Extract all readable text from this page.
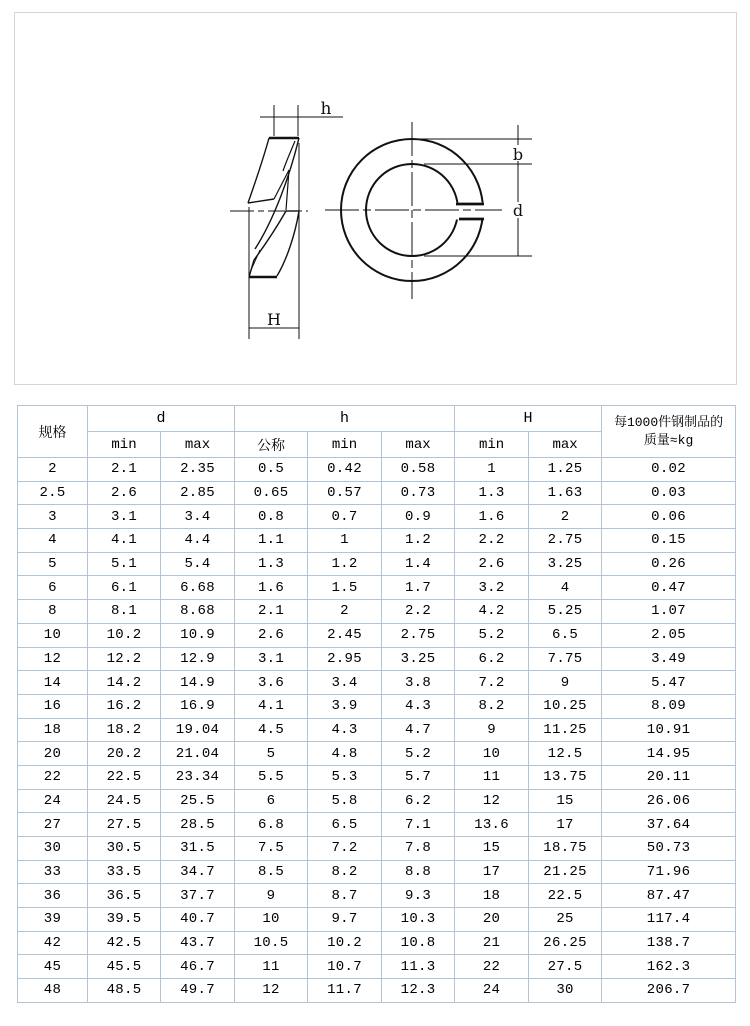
h
H
b
d
规格	d		h			H		每1000件钢制品的
质量≈kg
	min	max	公称	min	max	min	max	
2	2.1	2.35	0.5	0.42	0.58	1	1.25	0.02
2.5	2.6	2.85	0.65	0.57	0.73	1.3	1.63	0.03
3	3.1	3.4	0.8	0.7	0.9	1.6	2	0.06
4	4.1	4.4	1.1	1	1.2	2.2	2.75	0.15
5	5.1	5.4	1.3	1.2	1.4	2.6	3.25	0.26
6	6.1	6.68	1.6	1.5	1.7	3.2	4	0.47
8	8.1	8.68	2.1	2	2.2	4.2	5.25	1.07
10	10.2	10.9	2.6	2.45	2.75	5.2	6.5	2.05
12	12.2	12.9	3.1	2.95	3.25	6.2	7.75	3.49
14	14.2	14.9	3.6	3.4	3.8	7.2	9	5.47
16	16.2	16.9	4.1	3.9	4.3	8.2	10.25	8.09
18	18.2	19.04	4.5	4.3	4.7	9	11.25	10.91
20	20.2	21.04	5	4.8	5.2	10	12.5	14.95
22	22.5	23.34	5.5	5.3	5.7	11	13.75	20.11
24	24.5	25.5	6	5.8	6.2	12	15	26.06
27	27.5	28.5	6.8	6.5	7.1	13.6	17	37.64
30	30.5	31.5	7.5	7.2	7.8	15	18.75	50.73
33	33.5	34.7	8.5	8.2	8.8	17	21.25	71.96
36	36.5	37.7	9	8.7	9.3	18	22.5	87.47
39	39.5	40.7	10	9.7	10.3	20	25	117.4
42	42.5	43.7	10.5	10.2	10.8	21	26.25	138.7
45	45.5	46.7	11	10.7	11.3	22	27.5	162.3
48	48.5	49.7	12	11.7	12.3	24	30	206.7
